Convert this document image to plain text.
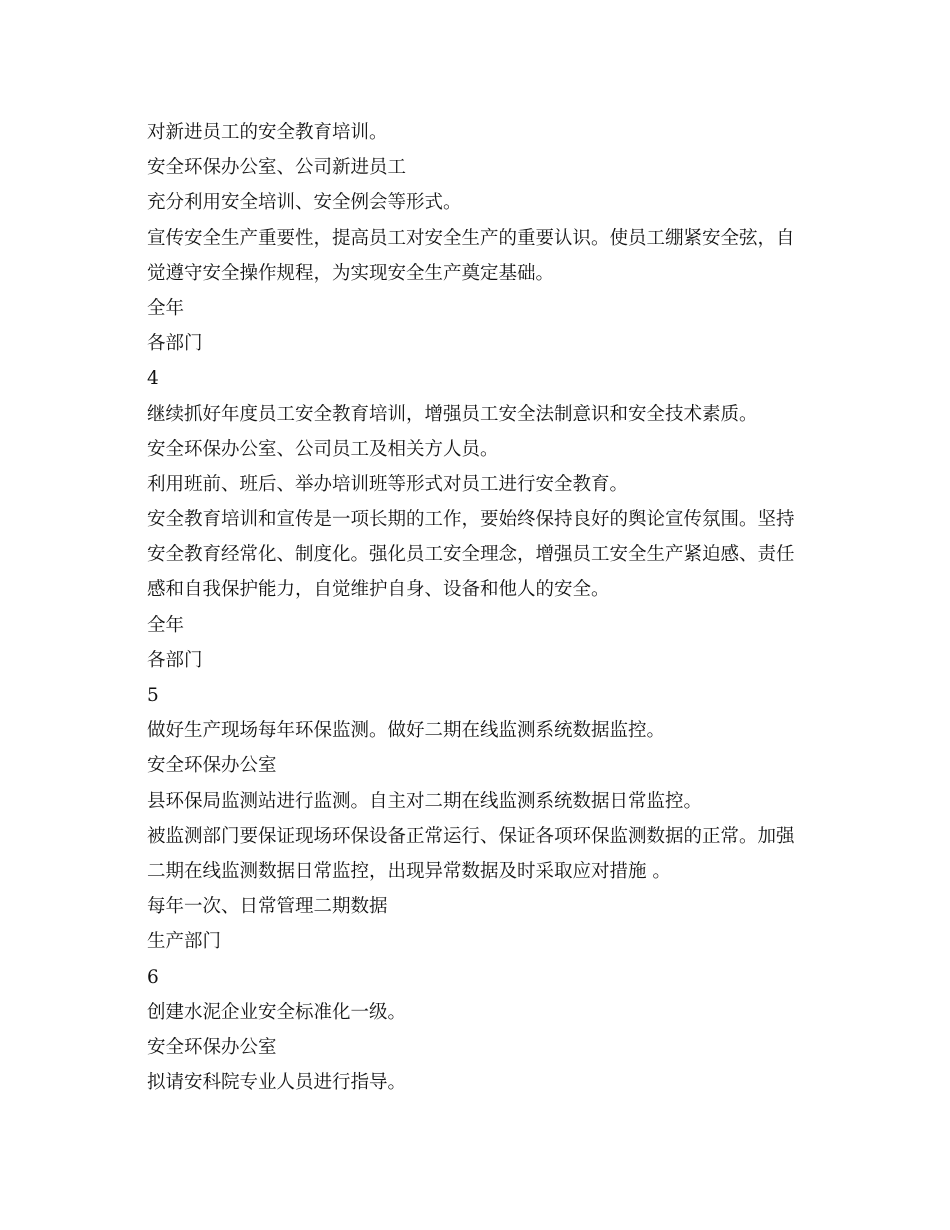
对新进员工的安全教育培训。
安全环保办公室、公司新进员工
充分利用安全培训、安全例会等形式。
宣传安全生产重要性，提高员工对安全生产的重要认识。使员工绷紧安全弦，自
觉遵守安全操作规程，为实现安全生产奠定基础。
全年
各部门
4
继续抓好年度员工安全教育培训，增强员工安全法制意识和安全技术素质。
安全环保办公室、公司员工及相关方人员。
利用班前、班后、举办培训班等形式对员工进行安全教育。
安全教育培训和宣传是一项长期的工作，要始终保持良好的舆论宣传氛围。坚持
安全教育经常化、制度化。强化员工安全理念，增强员工安全生产紧迫感、责任
感和自我保护能力，自觉维护自身、设备和他人的安全。
全年
各部门
5
做好生产现场每年环保监测。做好二期在线监测系统数据监控。
安全环保办公室
县环保局监测站进行监测。自主对二期在线监测系统数据日常监控。
被监测部门要保证现场环保设备正常运行、保证各项环保监测数据的正常。加强
二期在线监测数据日常监控，出现异常数据及时采取应对措施 。
每年一次、日常管理二期数据
生产部门
6
创建水泥企业安全标准化一级。
安全环保办公室
拟请安科院专业人员进行指导。
